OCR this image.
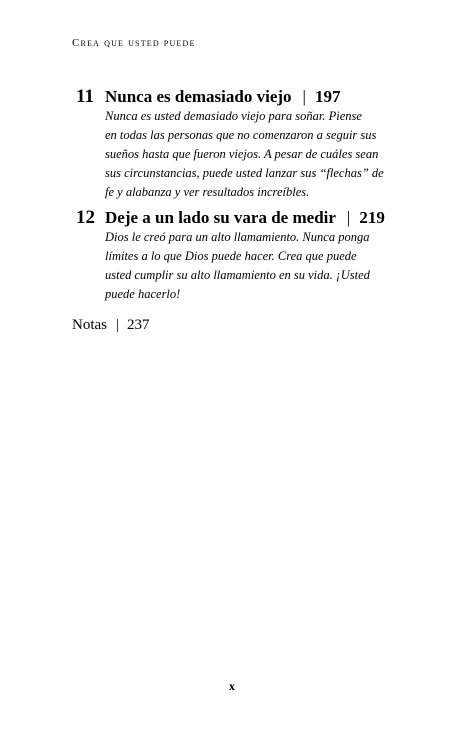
Crea que usted puede
11 Nunca es demasiado viejo | 197
Nunca es usted demasiado viejo para soñar. Piense
en todas las personas que no comenzaron a seguir sus
sueños hasta que fueron viejos. A pesar de cuáles sean
sus circunstancias, puede usted lanzar sus “flechas” de
fe y alabanza y ver resultados increíbles.
12 Deje a un lado su vara de medir | 219
Dios le creó para un alto llamamiento. Nunca ponga
límites a lo que Dios puede hacer. Crea que puede
usted cumplir su alto llamamiento en su vida. ¡Usted
puede hacerlo!
Notas | 237
x
